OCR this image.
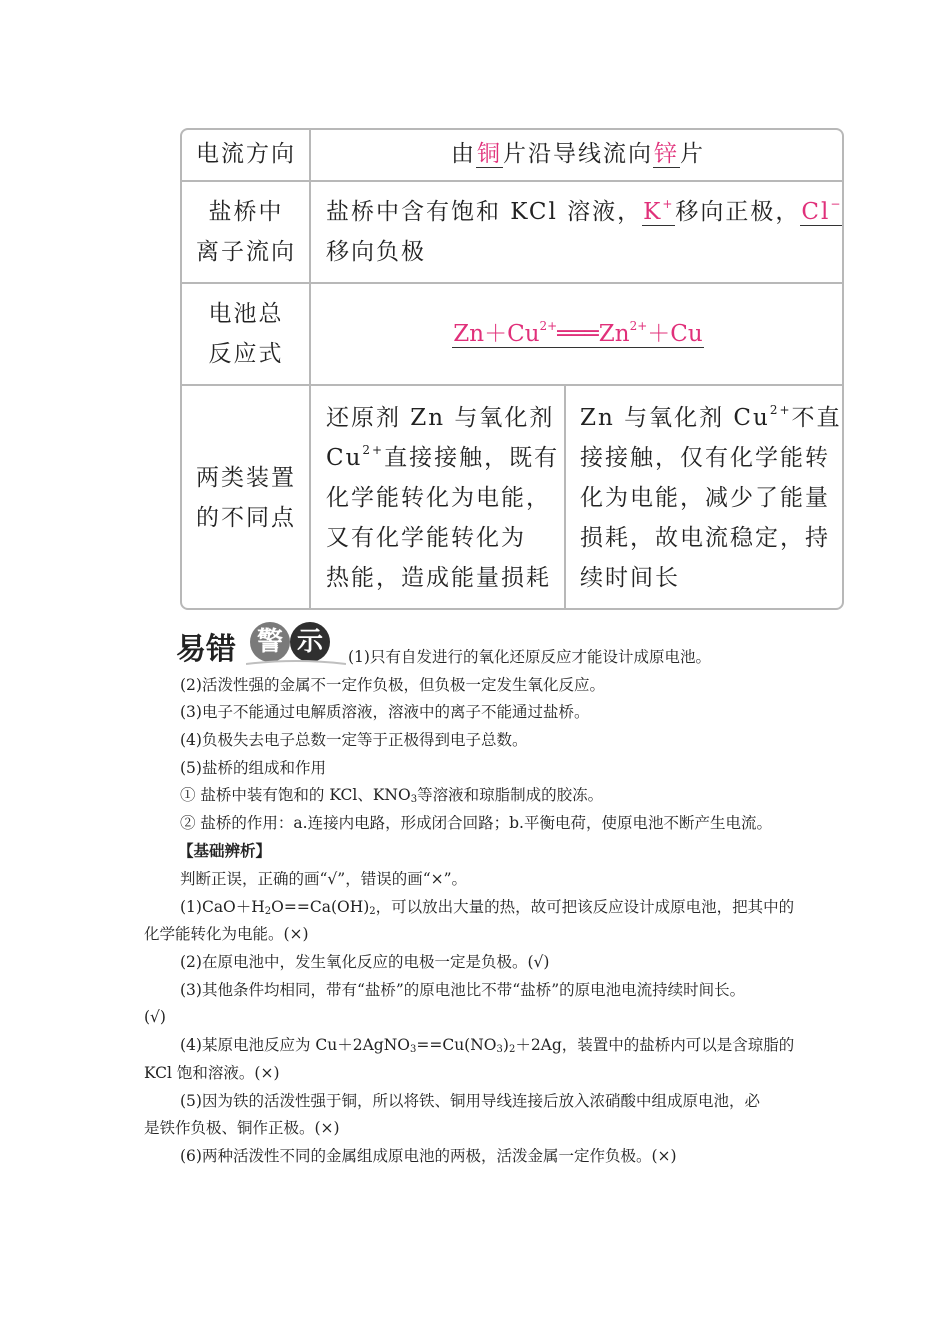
电流方向	由铜片沿导线流向锌片
盐桥中
离子流向
盐桥中含有饱和 KCl 溶液，K+移向正极，Cl−
移向负极
电池总
反应式
$Zn+Cu^{2+}═══Zn^{2+}+Cu$
两类装置
的不同点
还原剂 Zn 与氧化剂
$Cu^{2+}$直接接触，既有
化学能转化为电能，
又有化学能转化为
热能，造成能量损耗
Zn 与氧化剂 $Cu^{2+}$不直
接接触，仅有化学能转
化为电能，减少了能量
损耗，故电流稳定，持
续时间长
易错 警 示	(1)只有自发进行的氧化还原反应才能设计成原电池。
(2)活泼性强的金属不一定作负极，但负极一定发生氧化反应。
(3)电子不能通过电解质溶液，溶液中的离子不能通过盐桥。
(4)负极失去电子总数一定等于正极得到电子总数。
(5)盐桥的组成和作用
① 盐桥中装有饱和的 KCl、$KNO_3$等溶液和琼脂制成的胶冻。
② 盐桥的作用：a.连接内电路，形成闭合回路；b.平衡电荷，使原电池不断产生电流。
【基础辨析】
判断正误，正确的画“√”，错误的画“×”。
$(1)CaO+H_2O==Ca(OH)_2$，可以放出大量的热，故可把该反应设计成原电池，把其中的
化学能转化为电能。(×)
(2)在原电池中，发生氧化反应的电极一定是负极。(√)
(3)其他条件均相同，带有“盐桥”的原电池比不带“盐桥”的原电池电流持续时间长。
(√)
(4)某原电池反应为 $Cu+2AgNO_3==Cu(NO_3)_2+2Ag$，装置中的盐桥内可以是含琼脂的
KCl 饱和溶液。(×)
(5)因为铁的活泼性强于铜，所以将铁、铜用导线连接后放入浓硝酸中组成原电池，必
是铁作负极、铜作正极。(×)
(6)两种活泼性不同的金属组成原电池的两极，活泼金属一定作负极。(×)
